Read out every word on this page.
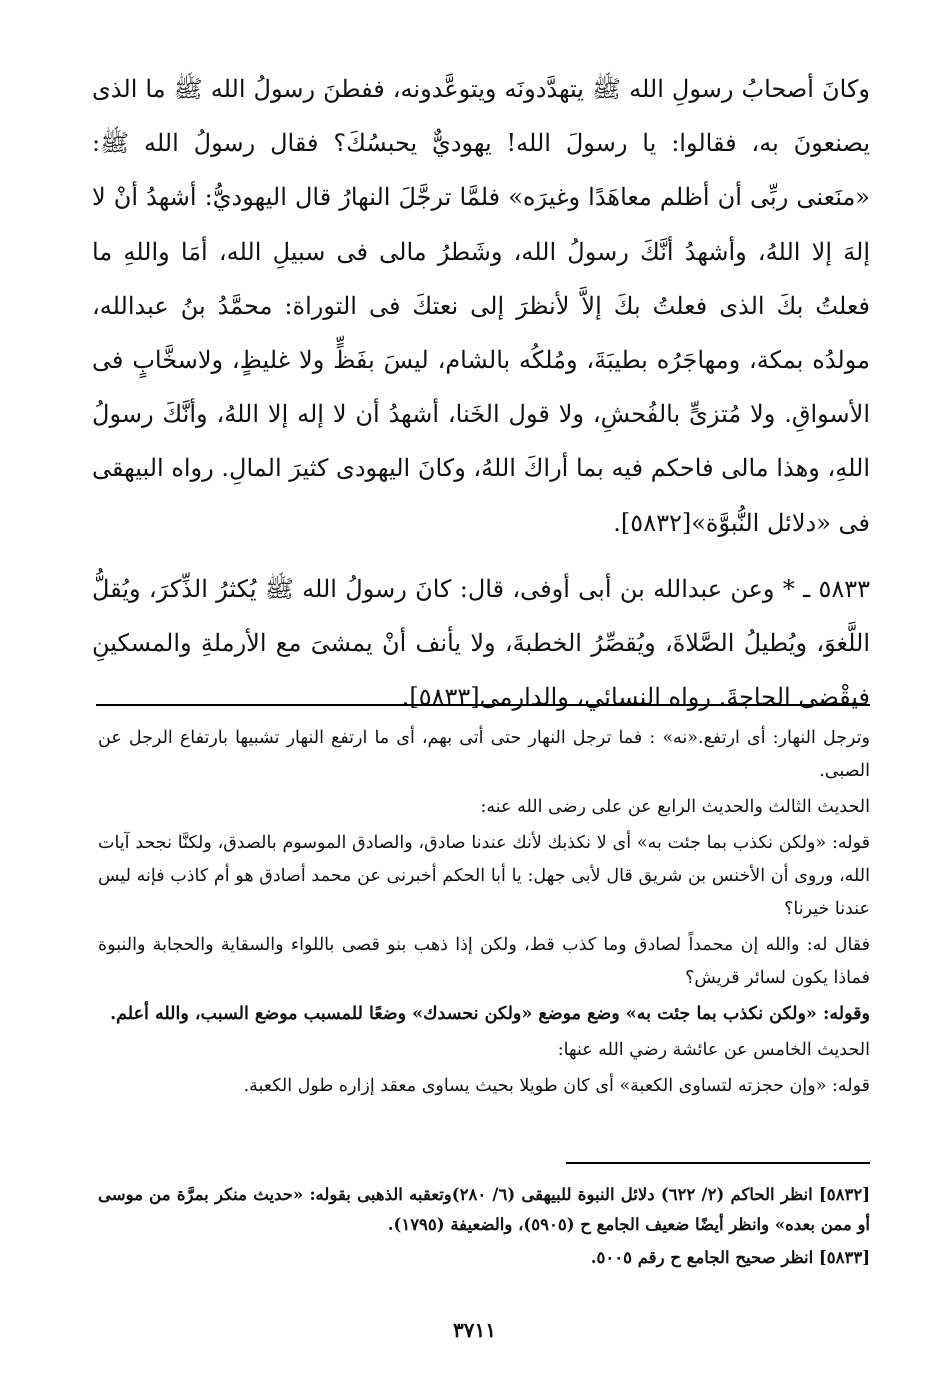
وكانَ أصحابُ رسولِ الله ﷺ يتهدَّدونَه ويتوعَّدونه، ففطنَ رسولُ الله ﷺ ما الذى يصنعونَ به، فقالوا: يا رسولَ الله! يهوديٌّ يحبسُكَ؟ فقال رسولُ الله ﷺ: «منَعنى ربِّى أن أظلم معاهَدًا وغيرَه» فلمَّا ترجَّلَ النهارُ قال اليهوديُّ: أشهدُ أنْ لا إلهَ إلا اللهُ، وأشهدُ أنَّكَ رسولُ الله، وشَطرُ مالى فى سبيلِ الله، أمَا واللهِ ما فعلتُ بكَ الذى فعلتُ بكَ إلاَّ لأنظرَ إلى نعتكَ فى التوراة: محمَّدُ بنُ عبدالله، مولدُه بمكة، ومهاجَرُه بطيبَةَ، ومُلكُه بالشام، ليسَ بفَظٍّ ولا غليظٍ، ولاسخَّابٍ فى الأسواقِ. ولا مُتزىٍّ بالفُحشِ، ولا قول الخَنا، أشهدُ أن لا إله إلا اللهُ، وأنَّكَ رسولُ اللهِ، وهذا مالى فاحكم فيه بما أراكَ اللهُ، وكانَ اليهودى كثيرَ المالِ. رواه البيهقى فى «دلائل النُّبوَّة»[٥٨٣٢].

٥٨٣٣ ـ * وعن عبدالله بن أبى أوفى، قال: كانَ رسولُ الله ﷺ يُكثرُ الذِّكرَ، ويُقلُّ اللَّغوَ، ويُطيلُ الصَّلاةَ، ويُقصِّرُ الخطبةَ، ولا يأنف أنْ يمشىَ مع الأرملةِ والمسكينِ فيقْضى الحاجةَ. رواه النسائي، والدارمى[٥٨٣٣].

وترجل النهار: أى ارتفع.«نه» : فما ترجل النهار حتى أتى بهم، أى ما ارتفع النهار تشبيها بارتفاع الرجل عن الصبى.

الحديث الثالث والحديث الرابع عن على رضى الله عنه:

قوله: «ولكن نكذب بما جئت به» أى لا نكذبك لأنك عندنا صادق، والصادق الموسوم بالصدق، ولكنَّا نجحد آيات الله، وروى أن الأخنس بن شريق قال لأبى جهل: يا أبا الحكم أخبرنى عن محمد أصادق هو أم كاذب فإنه ليس عندنا خيرنا؟

فقال له: والله إن محمداً لصادق وما كذب قط، ولكن إذا ذهب بنو قصى باللواء والسقاية والحجابة والنبوة فماذا يكون لسائر قريش؟

وقوله: «ولكن نكذب بما جئت به» وضع موضع «ولكن نحسدك» وضعًا للمسبب موضع السبب، والله أعلم.

الحديث الخامس عن عائشة رضي الله عنها:

قوله: «وإن حجزته لتساوى الكعبة» أى كان طويلا بحيث يساوى معقد إزاره طول الكعبة.

[٥٨٣٢] انظر الحاكم (٢/ ٦٢٢) دلائل النبوة للبيهقى (٦/ ٢٨٠)وتعقبه الذهبى بقوله: «حديث منكر بمرَّة من موسى أو ممن بعده» وانظر أيضًا ضعيف الجامع ح (٥٩٠٥)، والضعيفة (١٧٩٥).

[٥٨٣٣] انظر صحيح الجامع ح رقم ٥٠٠٥.

٣٧١١
